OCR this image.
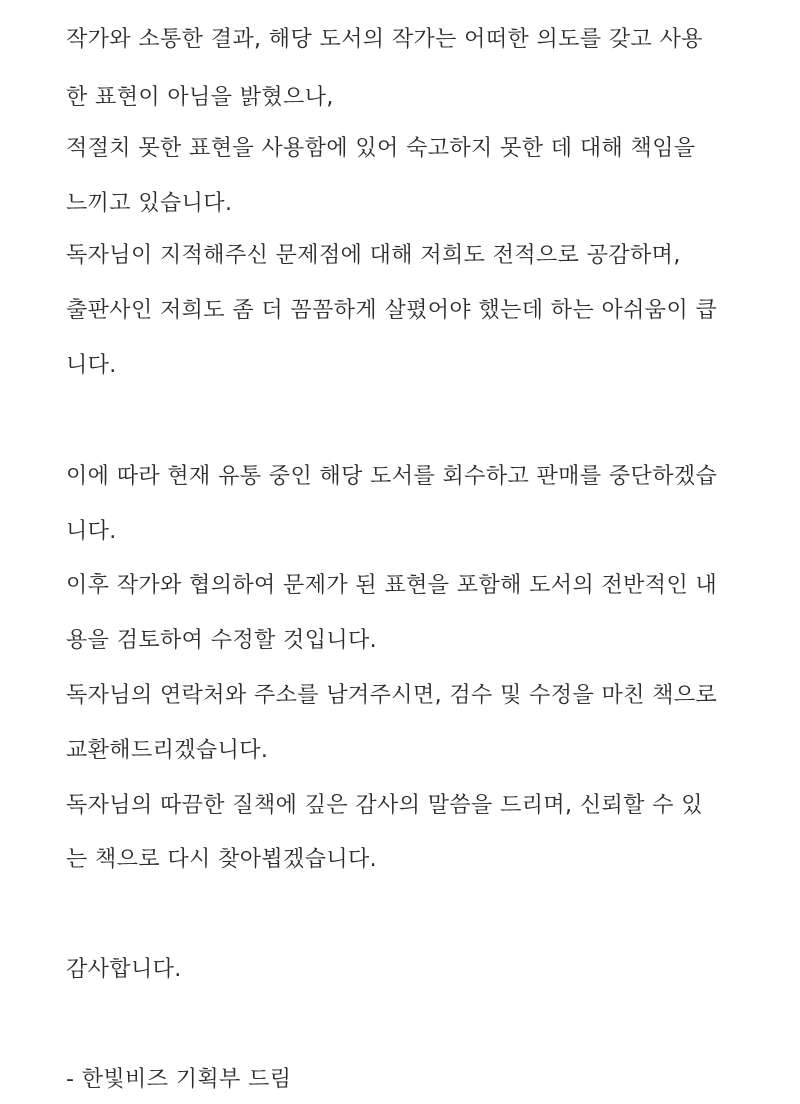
작가와 소통한 결과, 해당 도서의 작가는 어떠한 의도를 갖고 사용
한 표현이 아님을 밝혔으나,
적절치 못한 표현을 사용함에 있어 숙고하지 못한 데 대해 책임을
느끼고 있습니다.
독자님이 지적해주신 문제점에 대해 저희도 전적으로 공감하며,
출판사인 저희도 좀 더 꼼꼼하게 살폈어야 했는데 하는 아쉬움이 큽
니다.
이에 따라 현재 유통 중인 해당 도서를 회수하고 판매를 중단하겠습
니다.
이후 작가와 협의하여 문제가 된 표현을 포함해 도서의 전반적인 내
용을 검토하여 수정할 것입니다.
독자님의 연락처와 주소를 남겨주시면, 검수 및 수정을 마친 책으로
교환해드리겠습니다.
독자님의 따끔한 질책에 깊은 감사의 말씀을 드리며, 신뢰할 수 있
는 책으로 다시 찾아뵙겠습니다.
감사합니다.
- 한빛비즈 기획부 드림
